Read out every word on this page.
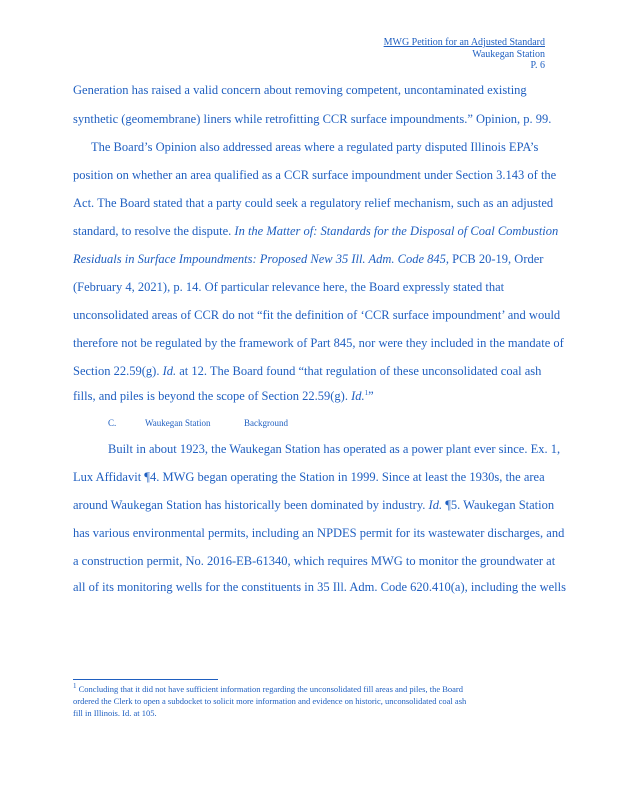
MWG Petition for an Adjusted Standard
Waukegan Station
P. 6
Generation has raised a valid concern about removing competent, uncontaminated existing
synthetic (geomembrane) liners while retrofitting CCR surface impoundments.” Opinion, p. 99.
The Board’s Opinion also addressed areas where a regulated party disputed Illinois EPA’s
position on whether an area qualified as a CCR surface impoundment under Section 3.143 of the
Act. The Board stated that a party could seek a regulatory relief mechanism, such as an adjusted
standard, to resolve the dispute. In the Matter of: Standards for the Disposal of Coal Combustion
Residuals in Surface Impoundments: Proposed New 35 Ill. Adm. Code 845, PCB 20-19, Order
(February 4, 2021), p. 14. Of particular relevance here, the Board expressly stated that
unconsolidated areas of CCR do not “fit the definition of ‘CCR surface impoundment’ and would
therefore not be regulated by the framework of Part 845, nor were they included in the mandate of
Section 22.59(g). Id. at 12. The Board found “that regulation of these unconsolidated coal ash
fills, and piles is beyond the scope of Section 22.59(g). Id.$^1$”
C.	Waukegan Station	Background
Built in about 1923, the Waukegan Station has operated as a power plant ever since. Ex. 1,
Lux Affidavit ¶4. MWG began operating the Station in 1999. Since at least the 1930s, the area
around Waukegan Station has historically been dominated by industry. Id. ¶5. Waukegan Station
has various environmental permits, including an NPDES permit for its wastewater discharges, and
a construction permit, No. 2016-EB-61340, which requires MWG to monitor the groundwater at
all of its monitoring wells for the constituents in 35 Ill. Adm. Code 620.410(a), including the wells
$^1$ Concluding that it did not have sufficient information regarding the unconsolidated fill areas and piles, the Board
ordered the Clerk to open a subdocket to solicit more information and evidence on historic, unconsolidated coal ash
fill in Illinois. Id. at 105.
